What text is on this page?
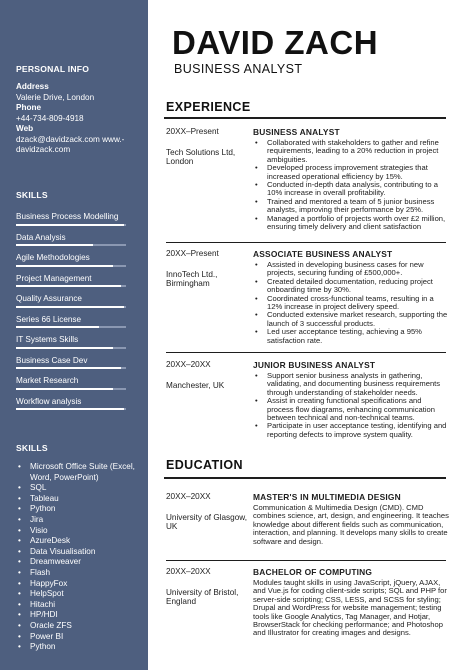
PERSONAL INFO
Address
Valerie Drive, London
Phone
+44-734-809-4918
Web
dzack@davidzack.com www.-davidzack.com
SKILLS
Business Process Modelling
Data Analysis
Agile Methodologies
Project Management
Quality Assurance
Series 66 License
IT Systems Skills
Business Case Dev
Market Research
Workflow analysis
SKILLS
• Microsoft Office Suite (Excel, Word, PowerPoint)
• SQL
• Tableau
• Python
• Jira
• Visio
• AzureDesk
• Data Visualisation
• Dreamweaver
• Flash
• HappyFox
• HelpSpot
• Hitachi
• HP/HDI
• Oracle ZFS
• Power BI
• Python
DAVID ZACH
BUSINESS ANALYST
EXPERIENCE
20XX–Present
Tech Solutions Ltd, London
BUSINESS ANALYST
• Collaborated with stakeholders to gather and refine requirements, leading to a 20% reduction in project ambiguities.
• Developed process improvement strategies that increased operational efficiency by 15%.
• Conducted in-depth data analysis, contributing to a 10% increase in overall profitability.
• Trained and mentored a team of 5 junior business analysts, improving their performance by 25%.
• Managed a portfolio of projects worth over £2 million, ensuring timely delivery and client satisfaction
20XX–Present
InnoTech Ltd., Birmingham
ASSOCIATE BUSINESS ANALYST
• Assisted in developing business cases for new projects, securing funding of £500,000+.
• Created detailed documentation, reducing project onboarding time by 30%.
• Coordinated cross-functional teams, resulting in a 12% increase in project delivery speed.
• Conducted extensive market research, supporting the launch of 3 successful products.
• Led user acceptance testing, achieving a 95% satisfaction rate.
20XX–20XX
Manchester, UK
JUNIOR BUSINESS ANALYST
• Support senior business analysts in gathering, validating, and documenting business requirements through understanding of stakeholder needs.
• Assist in creating functional specifications and process flow diagrams, enhancing communication between technical and non-technical teams.
• Participate in user acceptance testing, identifying and reporting defects to improve system quality.
EDUCATION
20XX–20XX
University of Glasgow, UK
MASTER'S IN MULTIMEDIA DESIGN
Communication & Multimedia Design (CMD). CMD combines science, art, design, and engineering. It teaches knowledge about different fields such as communication, interaction, and planning. It develops many skills to create software and design.
20XX–20XX
University of Bristol, England
BACHELOR OF COMPUTING
Modules taught skills in using JavaScript, jQuery, AJAX, and Vue.js for coding client-side scripts; SQL and PHP for server-side scripting; CSS, LESS, and SCSS for styling; Drupal and WordPress for website management; testing tools like Google Analytics, Tag Manager, and Hotjar, BrowserStack for checking performance; and Photoshop and Illustrator for creating images and designs.
